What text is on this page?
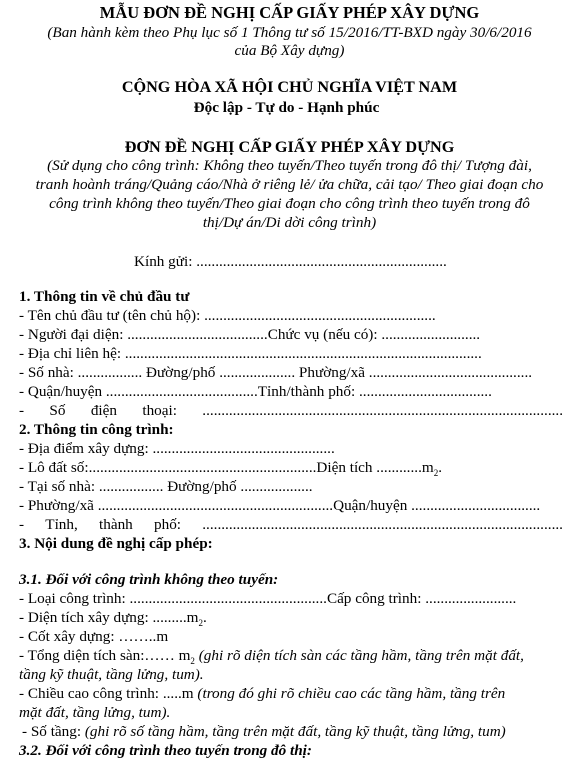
MẪU ĐƠN ĐỀ NGHỊ CẤP GIẤY PHÉP XÂY DỰNG
(Ban hành kèm theo Phụ lục số 1 Thông tư số 15/2016/TT-BXD ngày 30/6/2016
của Bộ Xây dựng)
CỘNG HÒA XÃ HỘI CHỦ NGHĨA VIỆT NAM
Độc lập - Tự do - Hạnh phúc
ĐƠN ĐỀ NGHỊ CẤP GIẤY PHÉP XÂY DỰNG
(Sử dụng cho công trình: Không theo tuyến/Theo tuyến trong đô thị/ Tượng đài,
tranh hoành tráng/Quảng cáo/Nhà ở riêng lẻ/ ửa chữa, cải tạo/ Theo giai đoạn cho
công trình không theo tuyến/Theo giai đoạn cho công trình theo tuyến trong đô
thị/Dự án/Di dời công trình)
Kính gửi: ..................................................................
1. Thông tin về chủ đầu tư
- Tên chủ đầu tư (tên chủ hộ): .............................................................
- Người đại diện: .....................................Chức vụ (nếu có): ..........................
- Địa chỉ liên hệ: ..............................................................................................
- Số nhà: ................. Đường/phố .................... Phường/xã ...........................................
- Quận/huyện ........................................Tỉnh/thành phố: ...................................
- Số điện thoại: ...............................................................................................
2. Thông tin công trình:
- Địa điểm xây dựng: ................................................
- Lô đất số:............................................................Diện tích $............m_2$.
- Tại số nhà: ................. Đường/phố ...................
- Phường/xã ..............................................................Quận/huyện ..................................
- Tỉnh, thành phố: ...............................................................................................
3. Nội dung đề nghị cấp phép:
3.1. Đối với công trình không theo tuyến:
- Loại công trình: ....................................................Cấp công trình: ........................
- Diện tích xây dựng: $.........m_2$.
- Cốt xây dựng: ……..m
- Tổng diện tích sàn:…… $m_2$ (ghi rõ diện tích sàn các tầng hầm, tầng trên mặt đất,
tầng kỹ thuật, tầng lửng, tum).
- Chiều cao công trình: .....m (trong đó ghi rõ chiều cao các tầng hầm, tầng trên
mặt đất, tầng lửng, tum).
- Số tầng: (ghi rõ số tầng hầm, tầng trên mặt đất, tầng kỹ thuật, tầng lửng, tum)
3.2. Đối với công trình theo tuyến trong đô thị:
